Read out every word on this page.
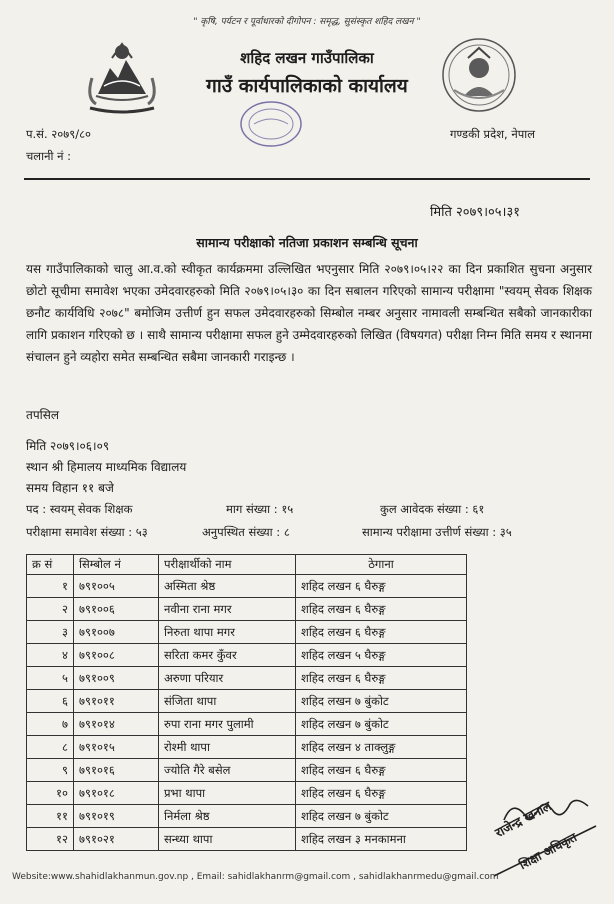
" कृषि, पर्यटन र पूर्वाधारको दीगोपन : समृद्ध, सुसंस्कृत शहिद लखन "
शहिद लखन गाउँपालिका
गाउँ कार्यपालिकाको कार्यालय
प.सं. २०७९/८०
चलानी नं :
गण्डकी प्रदेश, नेपाल
मिति २०७९।०५।३१
सामान्य परीक्षाको नतिजा प्रकाशन सम्बन्धि सूचना
यस गाउँपालिकाको चालु आ.व.को स्वीकृत कार्यक्रममा उल्लिखित भएनुसार मिति २०७९।०५।२२ का दिन प्रकाशित सुचना अनुसार छोटो सूचीमा समावेश भएका उमेदवारहरुको मिति २०७९।०५।३० का दिन सबालन गरिएको सामान्य परीक्षामा "स्वयम् सेवक शिक्षक छनौट कार्यविधि २०७८" बमोजिम उत्तीर्ण हुन सफल उमेदवारहरुको सिम्बोल नम्बर अनुसार नामावली सम्बन्धित सबैको जानकारीका लागि प्रकाशन गरिएको छ । साथै सामान्य परीक्षामा सफल हुने उम्मेदवारहरुको लिखित (विषयगत) परीक्षा निम्न मिति समय र स्थानमा संचालन हुने व्यहोरा समेत सम्बन्धित सबैमा जानकारी गराइन्छ ।
तपसिल
मिति २०७९।०६।०९
स्थान श्री हिमालय माध्यमिक विद्यालय
समय विहान ११ बजे
पद : स्वयम् सेवक शिक्षक	माग संख्या : १५	कुल आवेदक संख्या : ६१
परीक्षामा समावेश संख्या : ५३	अनुपस्थित संख्या : ८	सामान्य परीक्षामा उत्तीर्ण संख्या : ३५
क्र सं	सिम्बोल नं	परीक्षार्थीको नाम	ठेगाना
१	७९१००५	अस्मिता श्रेष्ठ	शहिद लखन ६ घैरुङ्ग
२	७९१००६	नवीना राना मगर	शहिद लखन ६ घैरुङ्ग
३	७९१००७	निरुता थापा मगर	शहिद लखन ६ घैरुङ्ग
४	७९१००८	सरिता कमर कुँवर	शहिद लखन ५ घैरुङ्ग
५	७९१००९	अरुणा परियार	शहिद लखन ६ घैरुङ्ग
६	७९१०११	संजिता थापा	शहिद लखन ७ बुंकोट
७	७९१०१४	रुपा राना मगर पुलामी	शहिद लखन ७ बुंकोट
८	७९१०१५	रोश्मी थापा	शहिद लखन ४ ताक्लुङ्ग
९	७९१०१६	ज्योति गैरे बसेल	शहिद लखन ६ घैरुङ्ग
१०	७९१०१८	प्रभा थापा	शहिद लखन ६ घैरुङ्ग
११	७९१०१९	निर्मला श्रेष्ठ	शहिद लखन ७ बुंकोट
१२	७९१०२१	सन्ध्या थापा	शहिद लखन ३ मनकामना	राजेन्द्र खनाल
शिक्षा अधिकृत
Website:www.shahidlakhanmun.gov.np , Email: sahidlakhanrm@gmail.com , sahidlakhanrmedu@gmail.com
